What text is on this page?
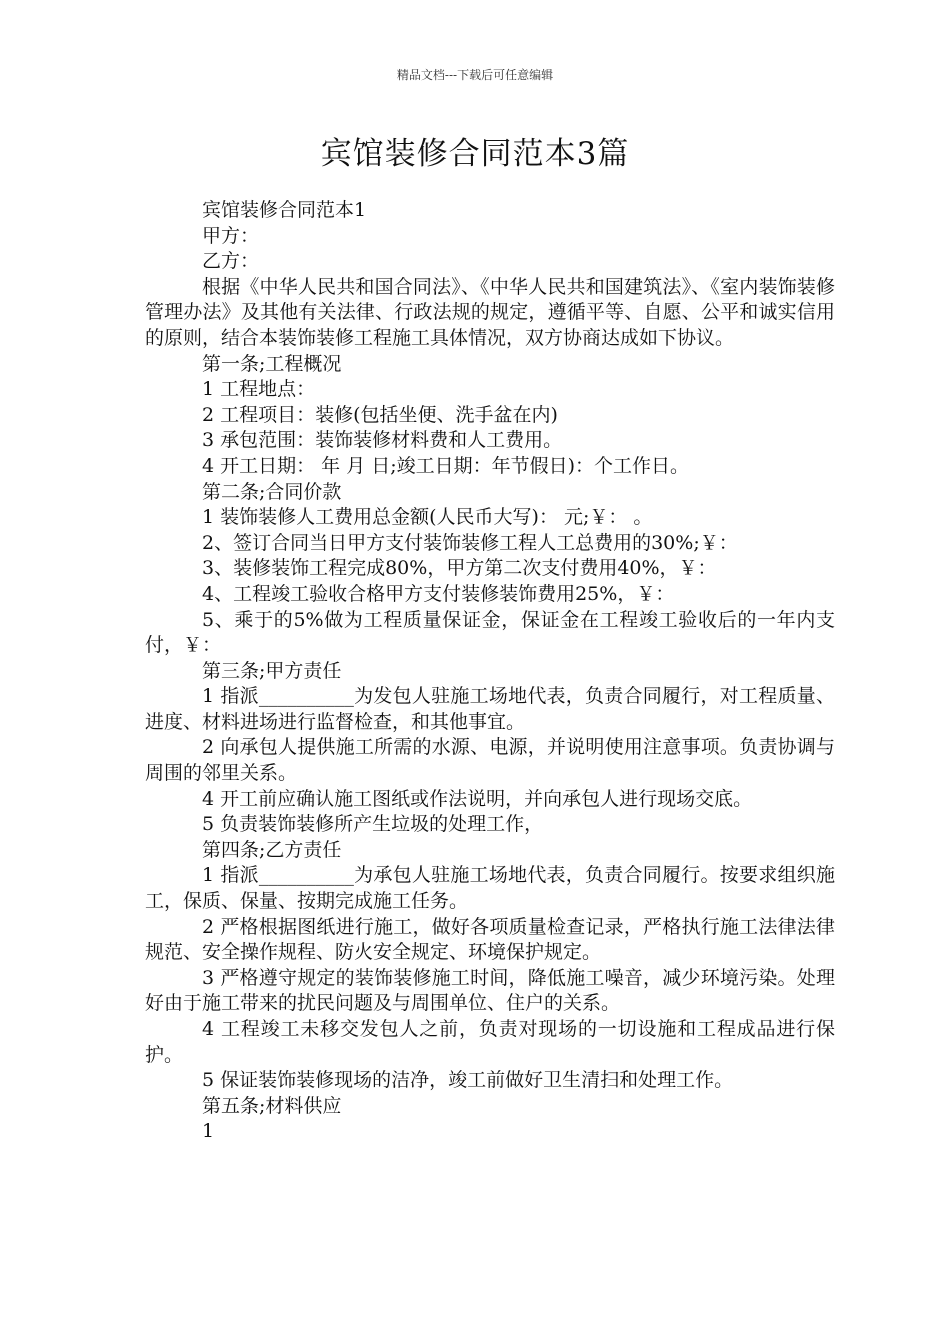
精品文档---下载后可任意编辑
宾馆装修合同范本3篇

宾馆装修合同范本1

甲方：

乙方：

根据《中华人民共和国合同法》、《中华人民共和国建筑法》、《室内装饰装修管理办法》及其他有关法律、行政法规的规定，遵循平等、自愿、公平和诚实信用的原则，结合本装饰装修工程施工具体情况，双方协商达成如下协议。

第一条;工程概况

1 工程地点：

2 工程项目：装修(包括坐便、洗手盆在内)

3 承包范围：装饰装修材料费和人工费用。

4 开工日期： 年 月 日;竣工日期：年节假日)：个工作日。

第二条;合同价款

1 装饰装修人工费用总金额(人民币大写)： 元;￥： 。

2、签订合同当日甲方支付装饰装修工程人工总费用的30%;￥：

3、装修装饰工程完成80%，甲方第二次支付费用40%，￥：

4、工程竣工验收合格甲方支付装修装饰费用25%，￥：

5、乘于的5%做为工程质量保证金，保证金在工程竣工验收后的一年内支付，￥：

第三条;甲方责任

1 指派__________为发包人驻施工场地代表，负责合同履行，对工程质量、进度、材料进场进行监督检查，和其他事宜。

2 向承包人提供施工所需的水源、电源，并说明使用注意事项。负责协调与周围的邻里关系。

4 开工前应确认施工图纸或作法说明，并向承包人进行现场交底。

5 负责装饰装修所产生垃圾的处理工作，

第四条;乙方责任

1 指派__________为承包人驻施工场地代表，负责合同履行。按要求组织施工，保质、保量、按期完成施工任务。

2 严格根据图纸进行施工，做好各项质量检查记录，严格执行施工法律法律规范、安全操作规程、防火安全规定、环境保护规定。

3 严格遵守规定的装饰装修施工时间，降低施工噪音，减少环境污染。处理好由于施工带来的扰民问题及与周围单位、住户的关系。

4 工程竣工未移交发包人之前，负责对现场的一切设施和工程成品进行保护。

5 保证装饰装修现场的洁净，竣工前做好卫生清扫和处理工作。

第五条;材料供应

1
